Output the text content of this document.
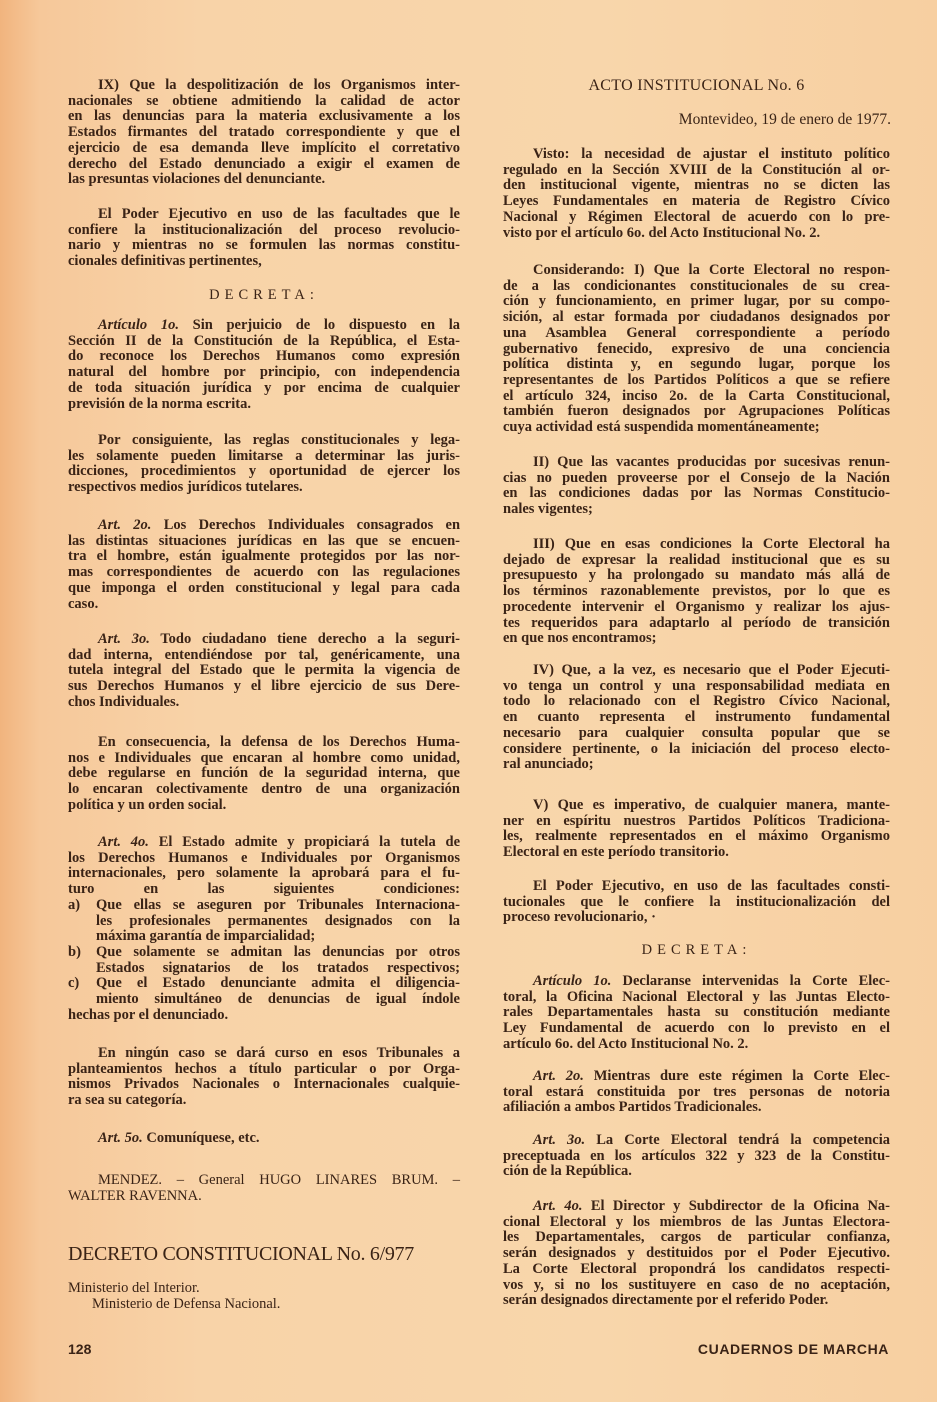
IX) Que la despolitización de los Organismos inter-
nacionales se obtiene admitiendo la calidad de actor
en las denuncias para la materia exclusivamente a los
Estados firmantes del tratado correspondiente y que el
ejercicio de esa demanda lleve implícito el corretativo
derecho del Estado denunciado a exigir el examen de
las presuntas violaciones del denunciante.
El Poder Ejecutivo en uso de las facultades que le
confiere la institucionalización del proceso revolucio-
nario y mientras no se formulen las normas constitu-
cionales definitivas pertinentes,
DECRETA:
Artículo 1o. Sin perjuicio de lo dispuesto en la
Sección II de la Constitución de la República, el Esta-
do reconoce los Derechos Humanos como expresión
natural del hombre por principio, con independencia
de toda situación jurídica y por encima de cualquier
previsión de la norma escrita.
Por consiguiente, las reglas constitucionales y lega-
les solamente pueden limitarse a determinar las juris-
dicciones, procedimientos y oportunidad de ejercer los
respectivos medios jurídicos tutelares.
Art. 2o. Los Derechos Individuales consagrados en
las distintas situaciones jurídicas en las que se encuen-
tra el hombre, están igualmente protegidos por las nor-
mas correspondientes de acuerdo con las regulaciones
que imponga el orden constitucional y legal para cada
caso.
Art. 3o. Todo ciudadano tiene derecho a la seguri-
dad interna, entendiéndose por tal, genéricamente, una
tutela integral del Estado que le permita la vigencia de
sus Derechos Humanos y el libre ejercicio de sus Dere-
chos Individuales.
En consecuencia, la defensa de los Derechos Huma-
nos e Individuales que encaran al hombre como unidad,
debe regularse en función de la seguridad interna, que
lo encaran colectivamente dentro de una organización
política y un orden social.
Art. 4o. El Estado admite y propiciará la tutela de
los Derechos Humanos e Individuales por Organismos
internacionales, pero solamente la aprobará para el fu-
turo en las siguientes condiciones:
a)	Que ellas se aseguren por Tribunales Internaciona-
les profesionales permanentes designados con la
máxima garantía de imparcialidad;
b)	Que solamente se admitan las denuncias por otros
Estados signatarios de los tratados respectivos;
c)	Que el Estado denunciante admita el diligencia-
miento simultáneo de denuncias de igual índole
hechas por el denunciado.
En ningún caso se dará curso en esos Tribunales a
planteamientos hechos a título particular o por Orga-
nismos Privados Nacionales o Internacionales cualquie-
ra sea su categoría.
Art. 5o. Comuníquese, etc.
MENDEZ. – General HUGO LINARES BRUM. –
WALTER RAVENNA.
DECRETO CONSTITUCIONAL No. 6/977
Ministerio del Interior.
Ministerio de Defensa Nacional.
128
ACTO INSTITUCIONAL No. 6
Montevideo, 19 de enero de 1977.
Visto: la necesidad de ajustar el instituto político
regulado en la Sección XVIII de la Constitución al or-
den institucional vigente, mientras no se dicten las
Leyes Fundamentales en materia de Registro Cívico
Nacional y Régimen Electoral de acuerdo con lo pre-
visto por el artículo 6o. del Acto Institucional No. 2.
Considerando: I) Que la Corte Electoral no respon-
de a las condicionantes constitucionales de su crea-
ción y funcionamiento, en primer lugar, por su compo-
sición, al estar formada por ciudadanos designados por
una Asamblea General correspondiente a período
gubernativo fenecido, expresivo de una conciencia
política distinta y, en segundo lugar, porque los
representantes de los Partidos Políticos a que se refiere
el artículo 324, inciso 2o. de la Carta Constitucional,
también fueron designados por Agrupaciones Políticas
cuya actividad está suspendida momentáneamente;
II) Que las vacantes producidas por sucesivas renun-
cias no pueden proveerse por el Consejo de la Nación
en las condiciones dadas por las Normas Constitucio-
nales vigentes;
III) Que en esas condiciones la Corte Electoral ha
dejado de expresar la realidad institucional que es su
presupuesto y ha prolongado su mandato más allá de
los términos razonablemente previstos, por lo que es
procedente intervenir el Organismo y realizar los ajus-
tes requeridos para adaptarlo al período de transición
en que nos encontramos;
IV) Que, a la vez, es necesario que el Poder Ejecuti-
vo tenga un control y una responsabilidad mediata en
todo lo relacionado con el Registro Cívico Nacional,
en cuanto representa el instrumento fundamental
necesario para cualquier consulta popular que se
considere pertinente, o la iniciación del proceso electo-
ral anunciado;
V) Que es imperativo, de cualquier manera, mante-
ner en espíritu nuestros Partidos Políticos Tradiciona-
les, realmente representados en el máximo Organismo
Electoral en este período transitorio.
El Poder Ejecutivo, en uso de las facultades consti-
tucionales que le confiere la institucionalización del
proceso revolucionario, ·
DECRETA:
Artículo 1o. Declaranse intervenidas la Corte Elec-
toral, la Oficina Nacional Electoral y las Juntas Electo-
rales Departamentales hasta su constitución mediante
Ley Fundamental de acuerdo con lo previsto en el
artículo 6o. del Acto Institucional No. 2.
Art. 2o. Mientras dure este régimen la Corte Elec-
toral estará constituida por tres personas de notoria
afiliación a ambos Partidos Tradicionales.
Art. 3o. La Corte Electoral tendrá la competencia
preceptuada en los artículos 322 y 323 de la Constitu-
ción de la República.
Art. 4o. El Director y Subdirector de la Oficina Na-
cional Electoral y los miembros de las Juntas Electora-
les Departamentales, cargos de particular confianza,
serán designados y destituidos por el Poder Ejecutivo.
La Corte Electoral propondrá los candidatos respecti-
vos y, si no los sustituyere en caso de no aceptación,
serán designados directamente por el referido Poder.
CUADERNOS DE MARCHA
